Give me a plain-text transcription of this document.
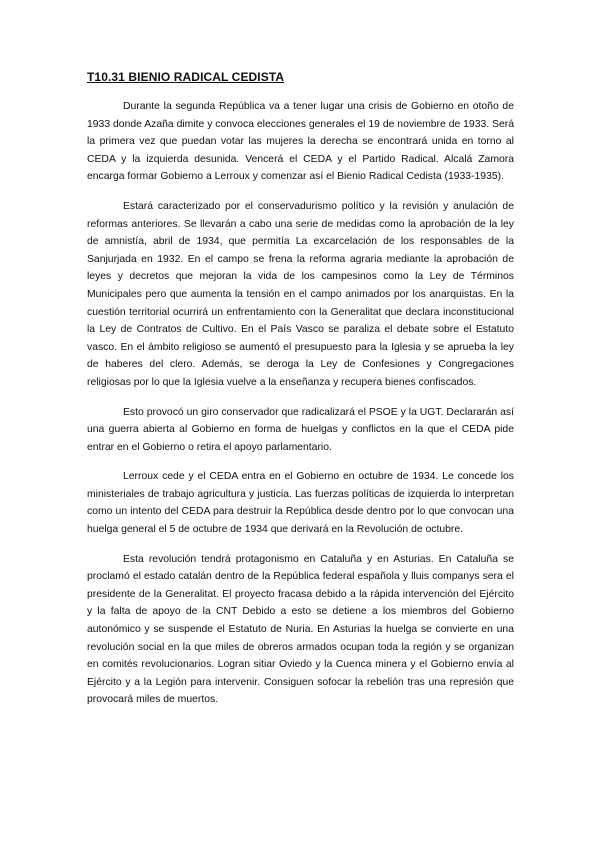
T10.31 BIENIO RADICAL CEDISTA

Durante la segunda República va a tener lugar una crisis de Gobierno en otoño de 1933 donde Azaña dimite y convoca elecciones generales el 19 de noviembre de 1933. Será la primera vez que puedan votar las mujeres la derecha se encontrará unida en torno al CEDA y la izquierda desunida. Vencerá el CEDA y el Partido Radical. Alcalá Zamora encarga formar Gobierno a Lerroux y comenzar así el Bienio Radical Cedista (1933-1935).

Estará caracterizado por el conservadurismo político y la revisión y anulación de reformas anteriores. Se llevarán a cabo una serie de medidas como la aprobación de la ley de amnistía, abril de 1934, que permitía La excarcelación de los responsables de la Sanjurjada en 1932. En el campo se frena la reforma agraria mediante la aprobación de leyes y decretos que mejoran la vida de los campesinos como la Ley de Términos Municipales pero que aumenta la tensión en el campo animados por los anarquistas. En la cuestión territorial ocurrirá un enfrentamiento con la Generalitat que declara inconstitucional la Ley de Contratos de Cultivo. En el País Vasco se paraliza el debate sobre el Estatuto vasco. En el ámbito religioso se aumentó el presupuesto para la Iglesia y se aprueba la ley de haberes del clero. Además, se deroga la Ley de Confesiones y Congregaciones religiosas por lo que la Iglesia vuelve a la enseñanza y recupera bienes confiscados.

Esto provocó un giro conservador que radicalizará el PSOE y la UGT. Declararán así una guerra abierta al Gobierno en forma de huelgas y conflictos en la que el CEDA pide entrar en el Gobierno o retira el apoyo parlamentario.

Lerroux cede y el CEDA entra en el Gobierno en octubre de 1934. Le concede los ministeriales de trabajo agricultura y justicia. Las fuerzas políticas de izquierda lo interpretan como un intento del CEDA para destruir la República desde dentro por lo que convocan una huelga general el 5 de octubre de 1934 que derivará en la Revolución de octubre.

Esta revolución tendrá protagonismo en Cataluña y en Asturias. En Cataluña se proclamó el estado catalán dentro de la República federal española y lluis companys sera el presidente de la Generalitat. El proyecto fracasa debido a la rápida intervención del Ejército y la falta de apoyo de la CNT Debido a esto se detiene a los miembros del Gobierno autonómico y se suspende el Estatuto de Nuria. En Asturias la huelga se convierte en una revolución social en la que miles de obreros armados ocupan toda la región y se organizan en comités revolucionarios. Logran sitiar Oviedo y la Cuenca minera y el Gobierno envía al Ejército y a la Legión para intervenir. Consiguen sofocar la rebelión tras una represión que provocará miles de muertos.
